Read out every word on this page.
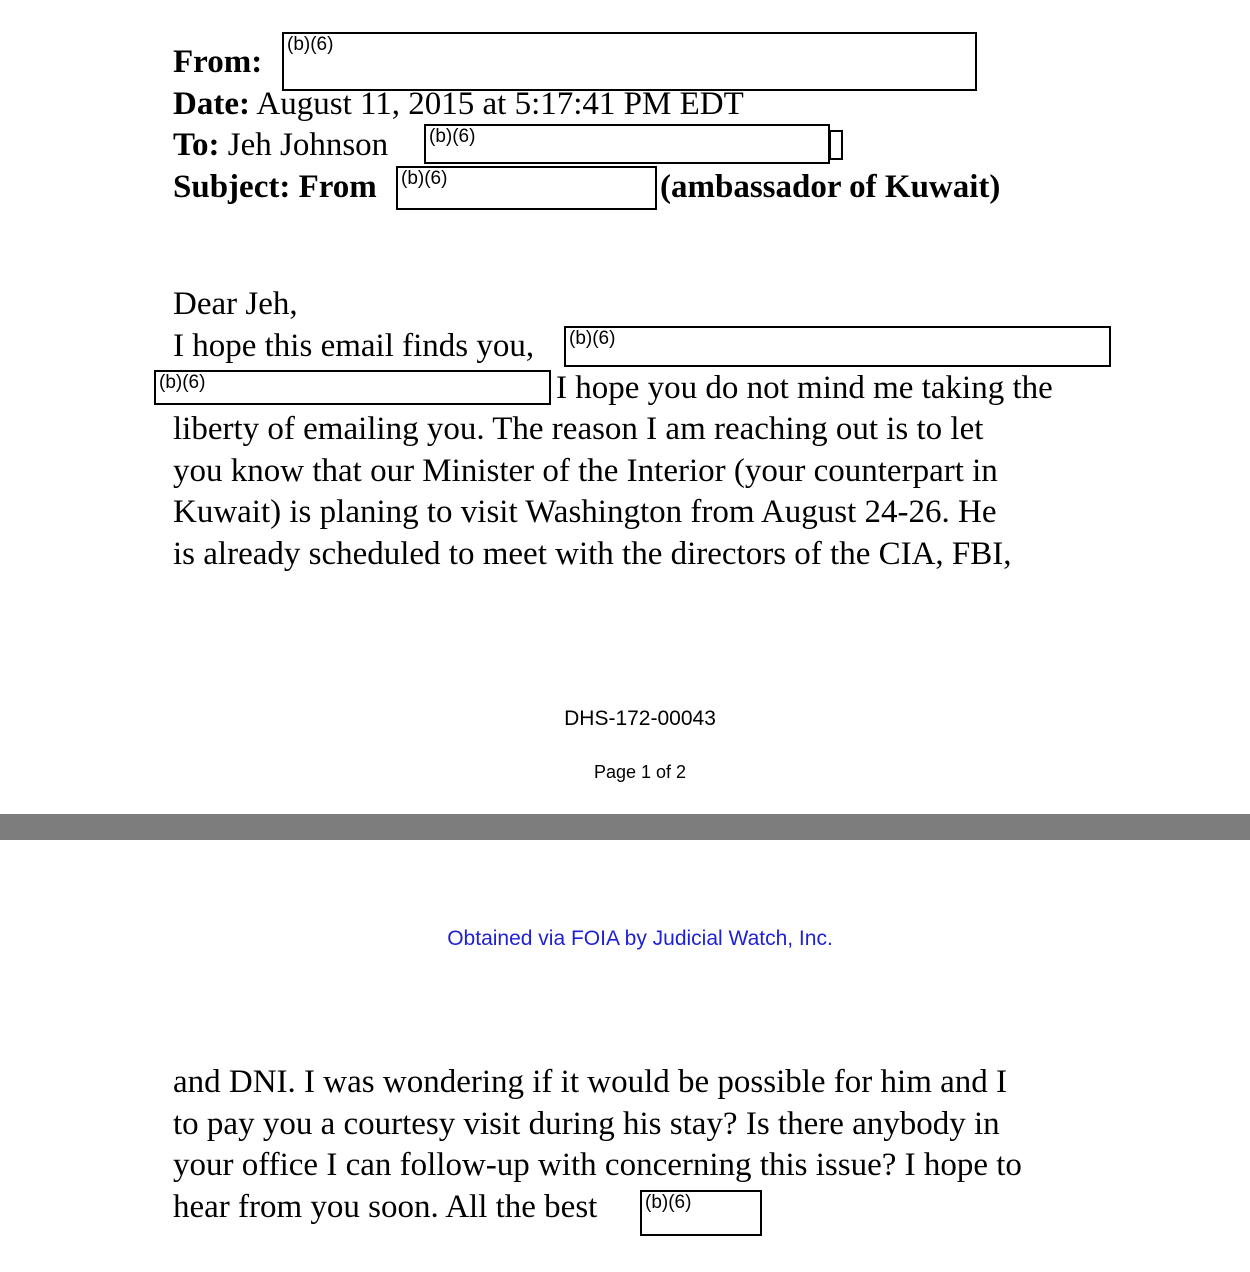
From: (b)(6)
Date: August 11, 2015 at 5:17:41 PM EDT
To: Jeh Johnson (b)(6)
Subject: From (b)(6)	(ambassador of Kuwait)
Dear Jeh,
I hope this email finds you, (b)(6)
(b)(6)	I hope you do not mind me taking the
liberty of emailing you. The reason I am reaching out is to let
you know that our Minister of the Interior (your counterpart in
Kuwait) is planing to visit Washington from August 24-26. He
is already scheduled to meet with the directors of the CIA, FBI,
DHS-172-00043
Page 1 of 2
Obtained via FOIA by Judicial Watch, Inc.
and DNI. I was wondering if it would be possible for him and I
to pay you a courtesy visit during his stay? Is there anybody in
your office I can follow-up with concerning this issue? I hope to
hear from you soon. All the best	(b)(6)
